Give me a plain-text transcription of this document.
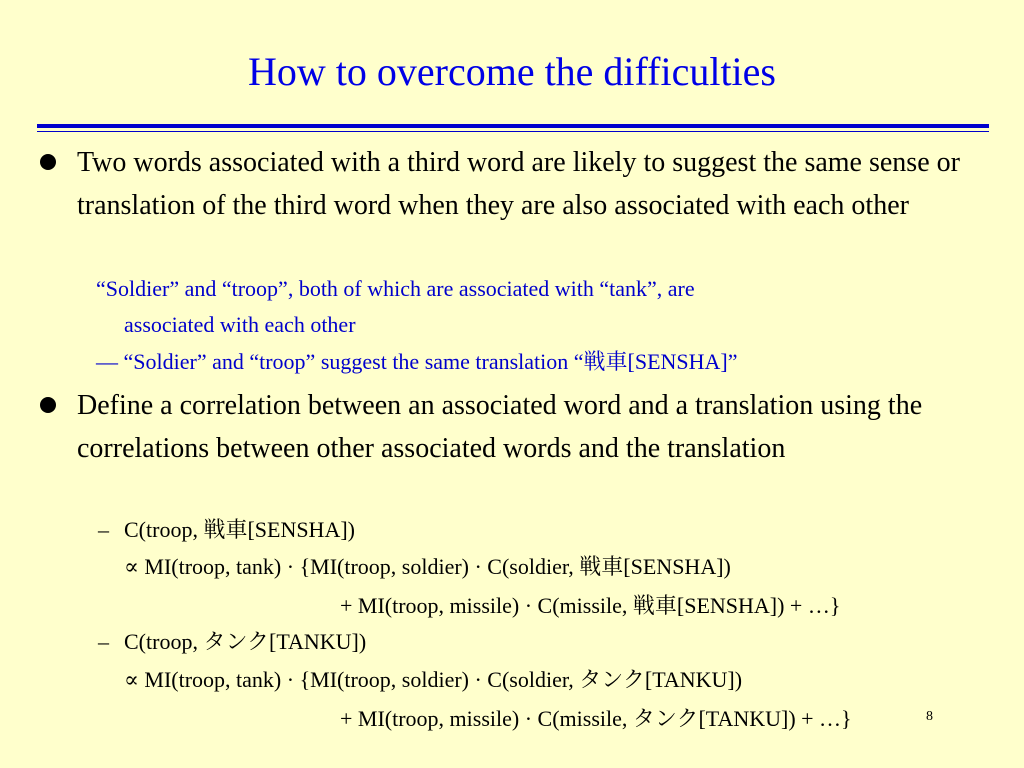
How to overcome the difficulties
Two words associated with a third word are likely to suggest the same sense or translation of the third word when they are also associated with each other
“Soldier” and “troop”, both of which are associated with “tank”, are
associated with each other
— “Soldier” and “troop” suggest the same translation “戦車[SENSHA]”
Define a correlation between an associated word and a translation using the correlations between other associated words and the translation
– C(troop, 戦車[SENSHA])
∝ MI(troop, tank) · {MI(troop, soldier) · C(soldier, 戦車[SENSHA])
+ MI(troop, missile) · C(missile, 戦車[SENSHA]) + …}
– C(troop, タンク[TANKU])
∝ MI(troop, tank) · {MI(troop, soldier) · C(soldier, タンク[TANKU])
+ MI(troop, missile) · C(missile, タンク[TANKU]) + …}	8
